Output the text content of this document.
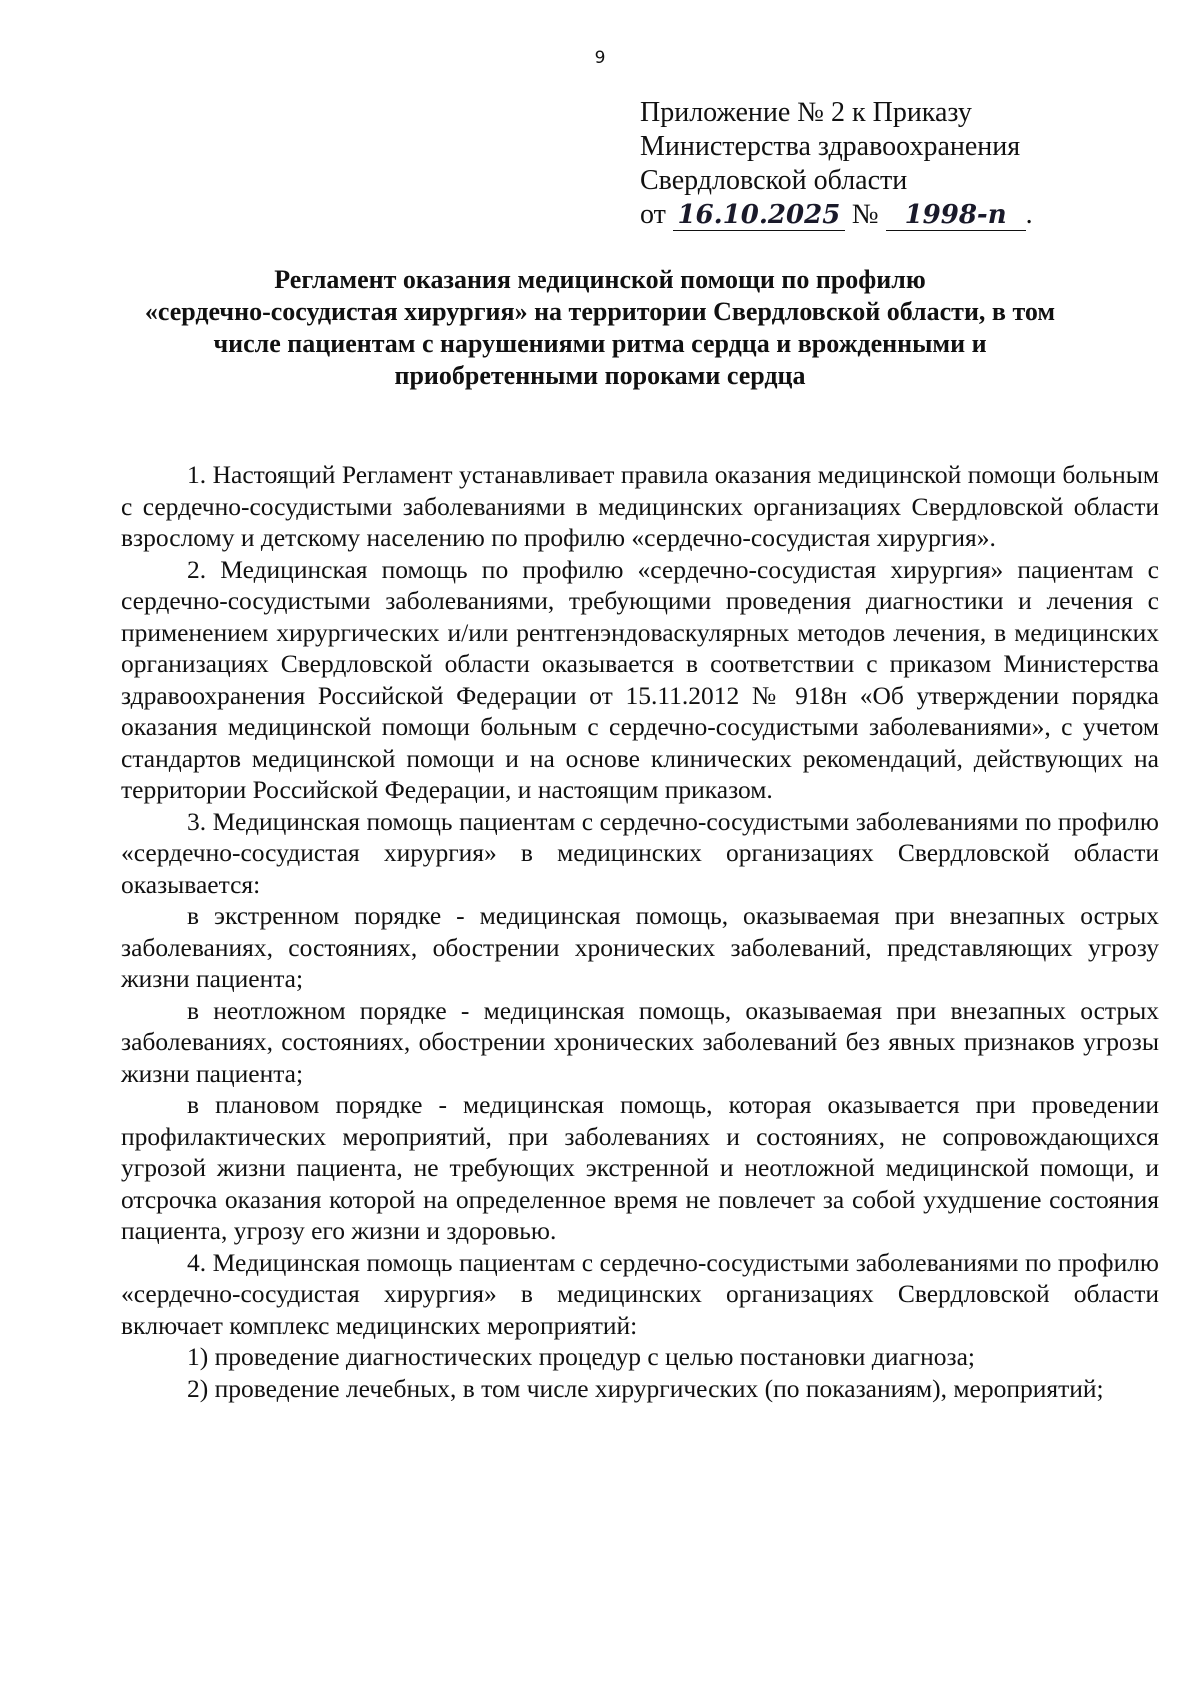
9
Приложение № 2 к Приказу
Министерства здравоохранения
Свердловской области
от 16.10.2025 № 1998-п .
Регламент оказания медицинской помощи по профилю
«сердечно-сосудистая хирургия» на территории Свердловской области, в том
числе пациентам с нарушениями ритма сердца и врожденными и
приобретенными пороками сердца

1. Настоящий Регламент устанавливает правила оказания медицинской помощи больным с сердечно-сосудистыми заболеваниями в медицинских организациях Свердловской области взрослому и детскому населению по профилю «сердечно-сосудистая хирургия».

2. Медицинская помощь по профилю «сердечно-сосудистая хирургия» пациентам с сердечно-сосудистыми заболеваниями, требующими проведения диагностики и лечения с применением хирургических и/или рентгенэндоваскулярных методов лечения, в медицинских организациях Свердловской области оказывается в соответствии с приказом Министерства здравоохранения Российской Федерации от 15.11.2012 № 918н «Об утверждении порядка оказания медицинской помощи больным с сердечно-сосудистыми заболеваниями», с учетом стандартов медицинской помощи и на основе клинических рекомендаций, действующих на территории Российской Федерации, и настоящим приказом.

3. Медицинская помощь пациентам с сердечно-сосудистыми заболеваниями по профилю «сердечно-сосудистая хирургия» в медицинских организациях Свердловской области оказывается:

в экстренном порядке - медицинская помощь, оказываемая при внезапных острых заболеваниях, состояниях, обострении хронических заболеваний, представляющих угрозу жизни пациента;

в неотложном порядке - медицинская помощь, оказываемая при внезапных острых заболеваниях, состояниях, обострении хронических заболеваний без явных признаков угрозы жизни пациента;

в плановом порядке - медицинская помощь, которая оказывается при проведении профилактических мероприятий, при заболеваниях и состояниях, не сопровождающихся угрозой жизни пациента, не требующих экстренной и неотложной медицинской помощи, и отсрочка оказания которой на определенное время не повлечет за собой ухудшение состояния пациента, угрозу его жизни и здоровью.

4. Медицинская помощь пациентам с сердечно-сосудистыми заболеваниями по профилю «сердечно-сосудистая хирургия» в медицинских организациях Свердловской области включает комплекс медицинских мероприятий:

1) проведение диагностических процедур с целью постановки диагноза;

2) проведение лечебных, в том числе хирургических (по показаниям), мероприятий;
